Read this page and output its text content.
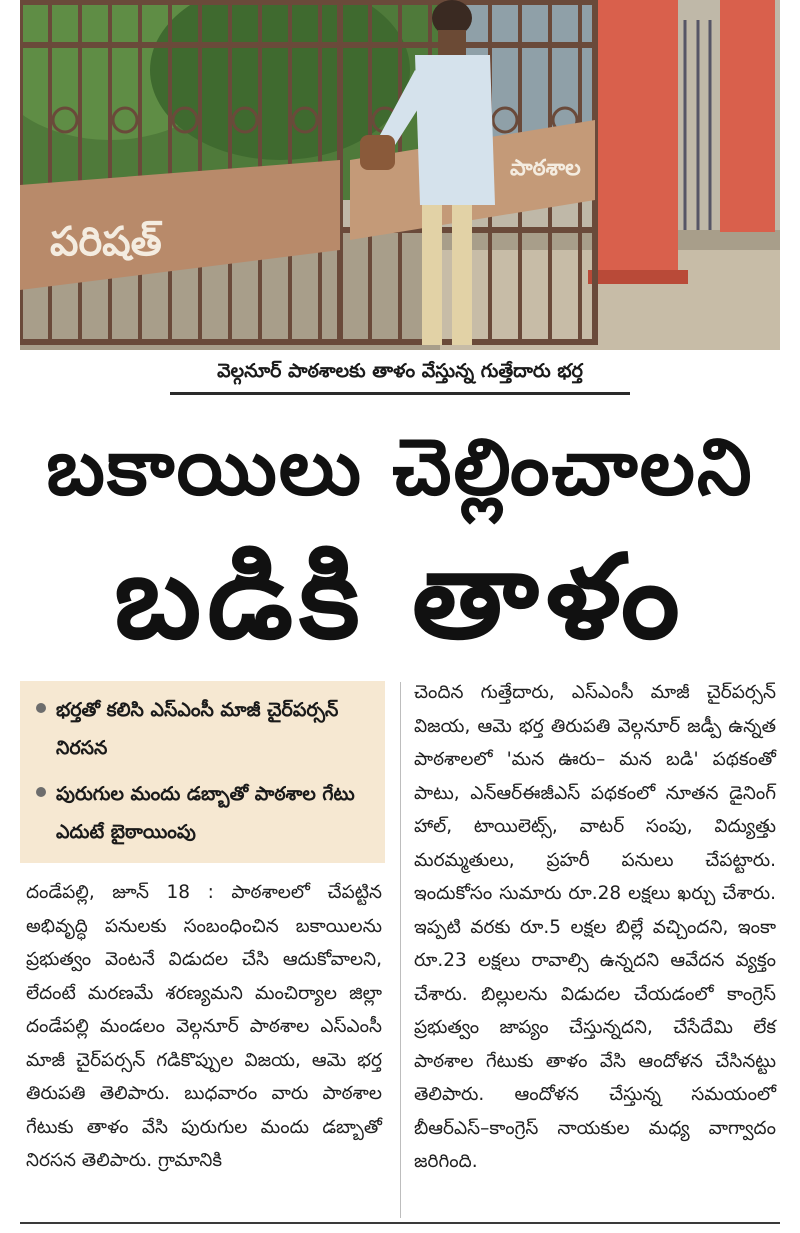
పరిషత్
పాఠశాల
వెల్గనూర్ పాఠశాలకు తాళం వేస్తున్న గుత్తేదారు భర్త
బకాయిలు చెల్లించాలని
బడికి తాళం
భర్తతో కలిసి ఎస్ఎంసీ మాజీ చైర్‌పర్సన్ నిరసన
పురుగుల మందు డబ్బాతో పాఠశాల గేటు ఎదుటే బైఠాయింపు

దండేపల్లి, జూన్ 18 : పాఠశాలలో చేపట్టిన అభివృద్ధి పనులకు సంబంధించిన బకాయిలను ప్రభుత్వం వెంటనే విడుదల చేసి ఆదుకోవాలని, లేదంటే మరణమే శరణ్యమని మంచిర్యాల జిల్లా దండేపల్లి మండలం వెల్గనూర్ పాఠశాల ఎస్ఎంసీ మాజీ చైర్‌పర్సన్ గడికొప్పుల విజయ, ఆమె భర్త తిరుపతి తెలిపారు. బుధవారం వారు పాఠశాల గేటుకు తాళం వేసి పురుగుల మందు డబ్బాతో నిరసన తెలిపారు. గ్రామానికి

చెందిన గుత్తేదారు, ఎస్ఎంసీ మాజీ చైర్‌పర్సన్ విజయ, ఆమె భర్త తిరుపతి వెల్గనూర్ జడ్పీ ఉన్నత పాఠశాలలో 'మన ఊరు– మన బడి' పథకంతో పాటు, ఎన్ఆర్ఈజీఎస్ పథకంలో నూతన డైనింగ్ హాల్, టాయిలెట్స్, వాటర్ సంపు, విద్యుత్తు మరమ్మతులు, ప్రహరీ పనులు చేపట్టారు. ఇందుకోసం సుమారు రూ.28 లక్షలు ఖర్చు చేశారు. ఇప్పటి వరకు రూ.5 లక్షల బిల్లే వచ్చిందని, ఇంకా రూ.23 లక్షలు రావాల్సి ఉన్నదని ఆవేదన వ్యక్తం చేశారు. బిల్లులను విడుదల చేయడంలో కాంగ్రెస్ ప్రభుత్వం జాప్యం చేస్తున్నదని, చేసేదేమి లేక పాఠశాల గేటుకు తాళం వేసి ఆందోళన చేసినట్టు తెలిపారు. ఆందోళన చేస్తున్న సమయంలో బీఆర్ఎస్–కాంగ్రెస్ నాయకుల మధ్య వాగ్వాదం జరిగింది.
